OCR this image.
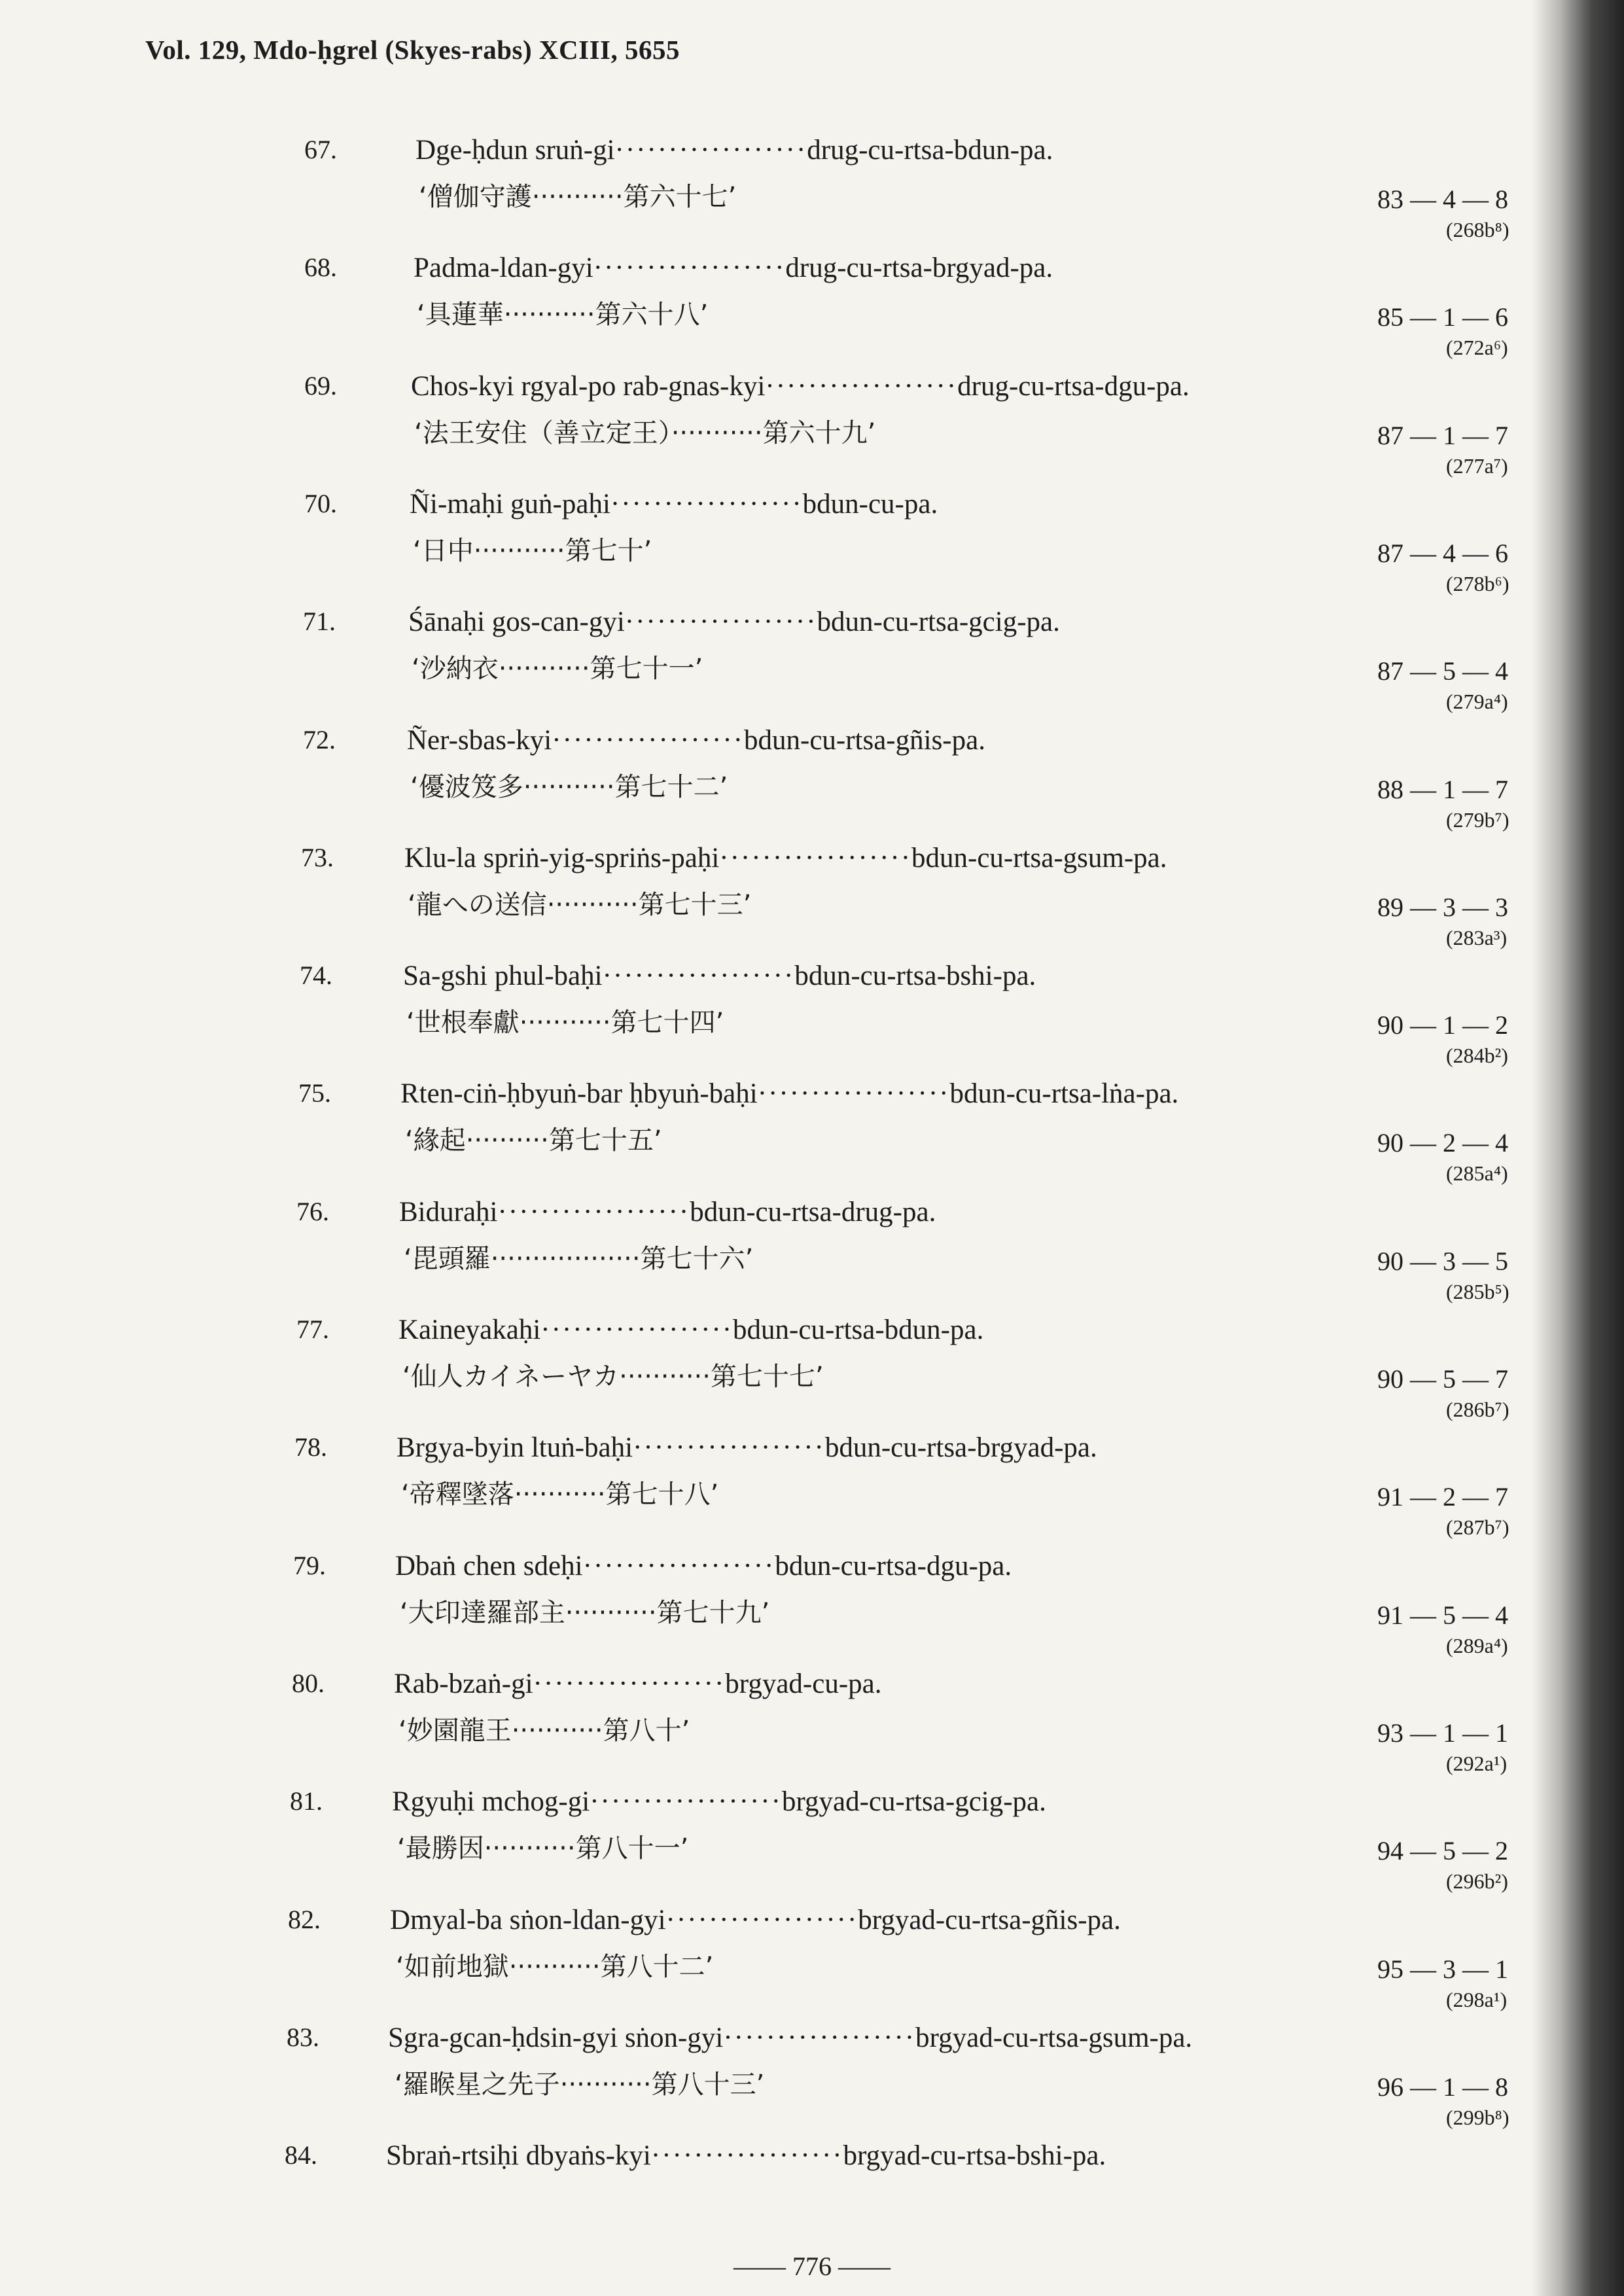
Vol. 129, Mdo-ḥgrel (Skyes-rabs) XCIII, 5655
67.	Dge-ḥdun sruṅ-gi··················drug-cu-rtsa-bdun-pa.
‘僧伽守護···········第六十七’	83 — 4 — 8
(268b⁸)
68.	Padma-ldan-gyi··················drug-cu-rtsa-brgyad-pa.
‘具蓮華···········第六十八’	85 — 1 — 6
(272a⁶)
69.	Chos-kyi rgyal-po rab-gnas-kyi··················drug-cu-rtsa-dgu-pa.
‘法王安住（善立定王）···········第六十九’	87 — 1 — 7
(277a⁷)
70.	Ñi-maḥi guṅ-paḥi··················bdun-cu-pa.
‘日中···········第七十’	87 — 4 — 6
(278b⁶)
71.	Śānaḥi gos-can-gyi··················bdun-cu-rtsa-gcig-pa.
‘沙納衣···········第七十一’	87 — 5 — 4
(279a⁴)
72.	Ñer-sbas-kyi··················bdun-cu-rtsa-gñis-pa.
‘優波笈多···········第七十二’	88 — 1 — 7
(279b⁷)
73.	Klu-la spriṅ-yig-spriṅs-paḥi··················bdun-cu-rtsa-gsum-pa.
‘龍への送信···········第七十三’	89 — 3 — 3
(283a³)
74.	Sa-gshi phul-baḥi··················bdun-cu-rtsa-bshi-pa.
‘世根奉獻···········第七十四’	90 — 1 — 2
(284b²)
75. Rten-ciṅ-ḥbyuṅ-bar ḥbyuṅ-baḥi··················bdun-cu-rtsa-lṅa-pa.
‘緣起··········第七十五’	90 — 2 — 4
(285a⁴)
76. Biduraḥi··················bdun-cu-rtsa-drug-pa.
‘毘頭羅··················第七十六’	90 — 3 — 5
(285b⁵)
77. Kaineyakaḥi··················bdun-cu-rtsa-bdun-pa.
‘仙人カイネーヤカ···········第七十七’	90 — 5 — 7
(286b⁷)
78. Brgya-byin ltuṅ-baḥi··················bdun-cu-rtsa-brgyad-pa.
‘帝釋墜落···········第七十八’	91 — 2 — 7
(287b⁷)
79. Dbaṅ chen sdeḥi··················bdun-cu-rtsa-dgu-pa.
‘大印達羅部主···········第七十九’	91 — 5 — 4
(289a⁴)
80. Rab-bzaṅ-gi··················brgyad-cu-pa.
‘妙園龍王···········第八十’	93 — 1 — 1
(292a¹)
81. Rgyuḥi mchog-gi··················brgyad-cu-rtsa-gcig-pa.
‘最勝因···········第八十一’	94 — 5 — 2
(296b²)
82. Dmyal-ba sṅon-ldan-gyi··················brgyad-cu-rtsa-gñis-pa.
‘如前地獄···········第八十二’	95 — 3 — 1
(298a¹)
83. Sgra-gcan-ḥdsin-gyi sṅon-gyi··················brgyad-cu-rtsa-gsum-pa.
‘羅睺星之先子···········第八十三’	96 — 1 — 8
(299b⁸)
84. Sbraṅ-rtsiḥi dbyaṅs-kyi··················brgyad-cu-rtsa-bshi-pa.
—— 776 ——
